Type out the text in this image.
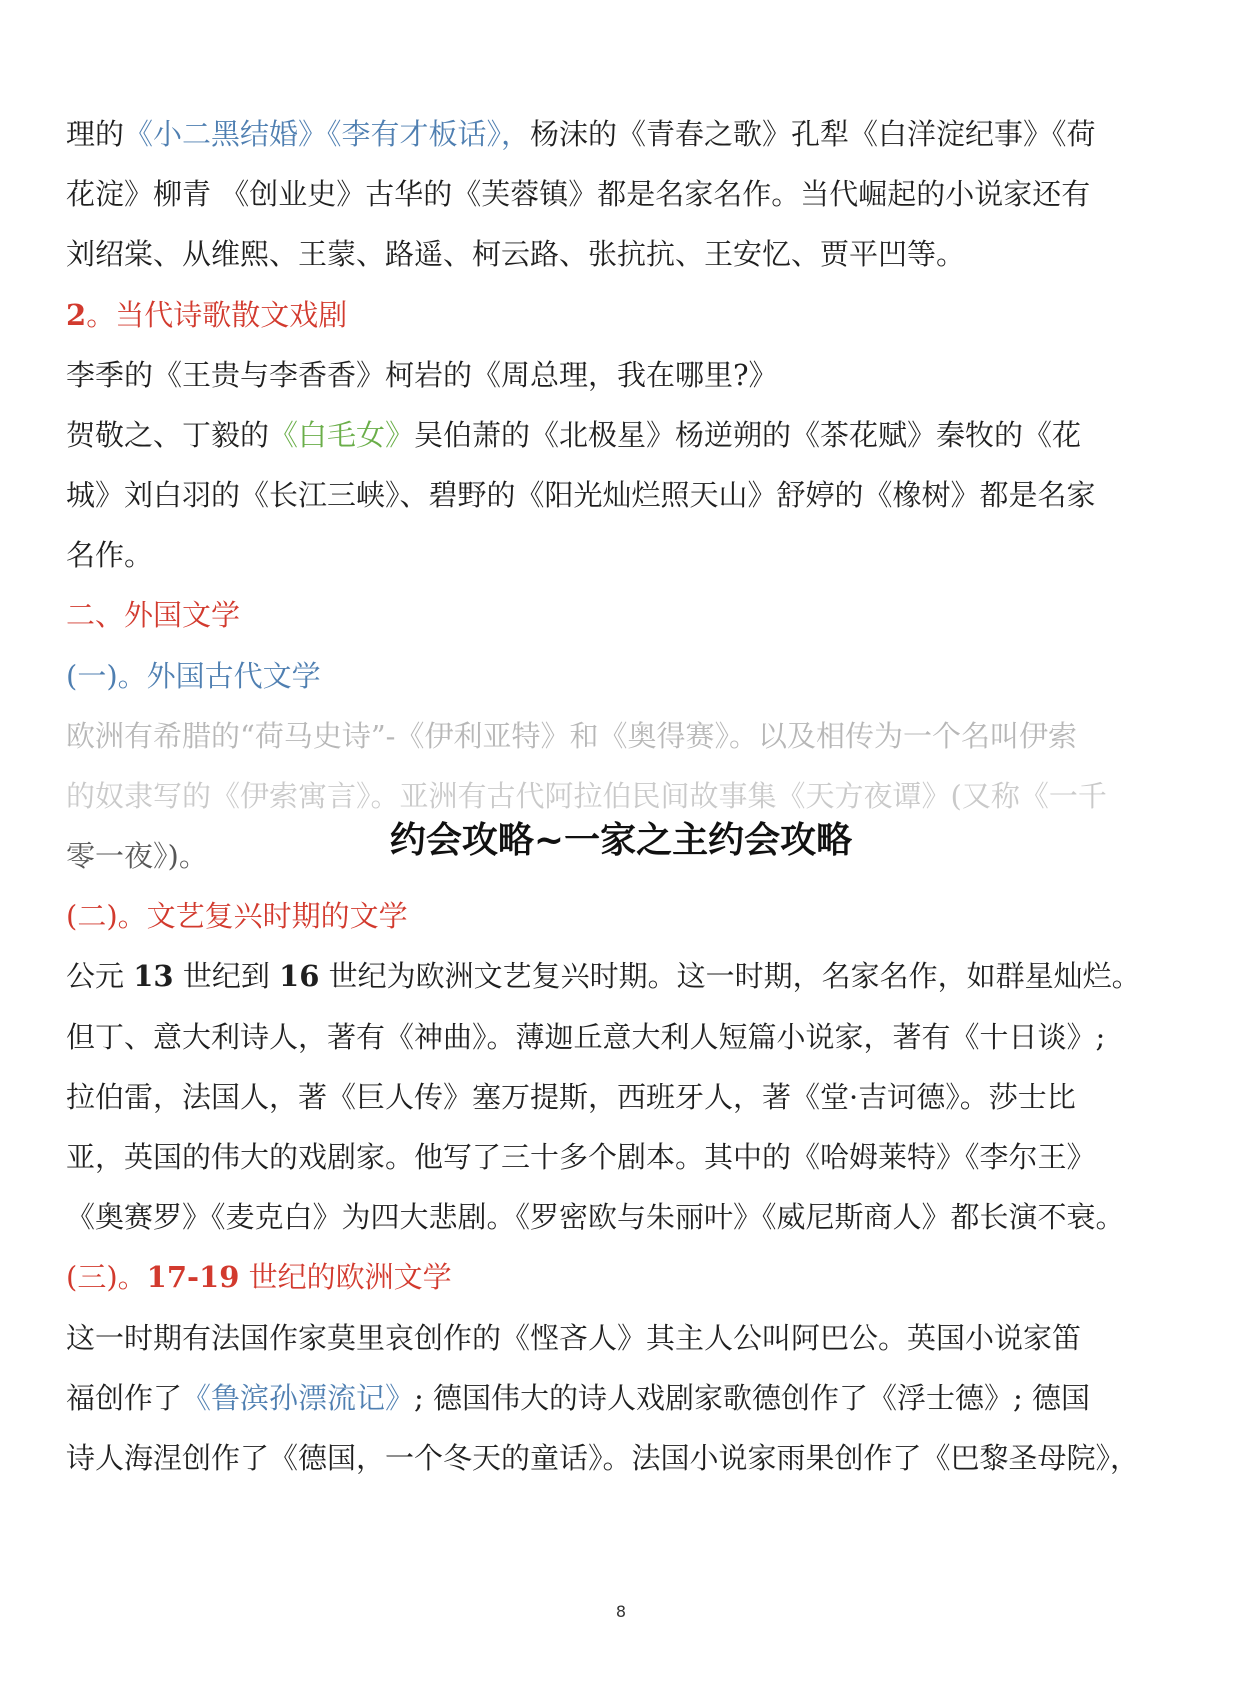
理的《小二黑结婚》《李有才板话》，杨沫的《青春之歌》孔犁《白洋淀纪事》《荷
花淀》柳青 《创业史》古华的《芙蓉镇》都是名家名作。当代崛起的小说家还有
刘绍棠、从维熙、王蒙、路遥、柯云路、张抗抗、王安忆、贾平凹等。
2。当代诗歌散文戏剧
李季的《王贵与李香香》柯岩的《周总理，我在哪里?》
贺敬之、丁毅的《白毛女》吴伯萧的《北极星》杨逆朔的《茶花赋》秦牧的《花
城》刘白羽的《长江三峡》、碧野的《阳光灿烂照天山》舒婷的《橡树》都是名家
名作。
二、外国文学
(一)。外国古代文学
欧洲有希腊的“荷马史诗”-《伊利亚特》和《奥得赛》。以及相传为一个名叫伊索
的奴隶写的《伊索寓言》。亚洲有古代阿拉伯民间故事集《天方夜谭》(又称《一千
零一夜》)。
(二)。文艺复兴时期的文学
公元 13 世纪到 16 世纪为欧洲文艺复兴时期。这一时期，名家名作，如群星灿烂。
但丁、意大利诗人，著有《神曲》。薄迦丘意大利人短篇小说家，著有《十日谈》;
拉伯雷，法国人，著《巨人传》塞万提斯，西班牙人，著《堂·吉诃德》。莎士比
亚，英国的伟大的戏剧家。他写了三十多个剧本。其中的《哈姆莱特》《李尔王》
《奥赛罗》《麦克白》为四大悲剧。《罗密欧与朱丽叶》《威尼斯商人》都长演不衰。
(三)。17-19 世纪的欧洲文学
这一时期有法国作家莫里哀创作的《悭吝人》其主人公叫阿巴公。英国小说家笛
福创作了《鲁滨孙漂流记》; 德国伟大的诗人戏剧家歌德创作了《浮士德》; 德国
诗人海涅创作了《德国，一个冬天的童话》。法国小说家雨果创作了《巴黎圣母院》，
约会攻略~一家之主约会攻略
8
